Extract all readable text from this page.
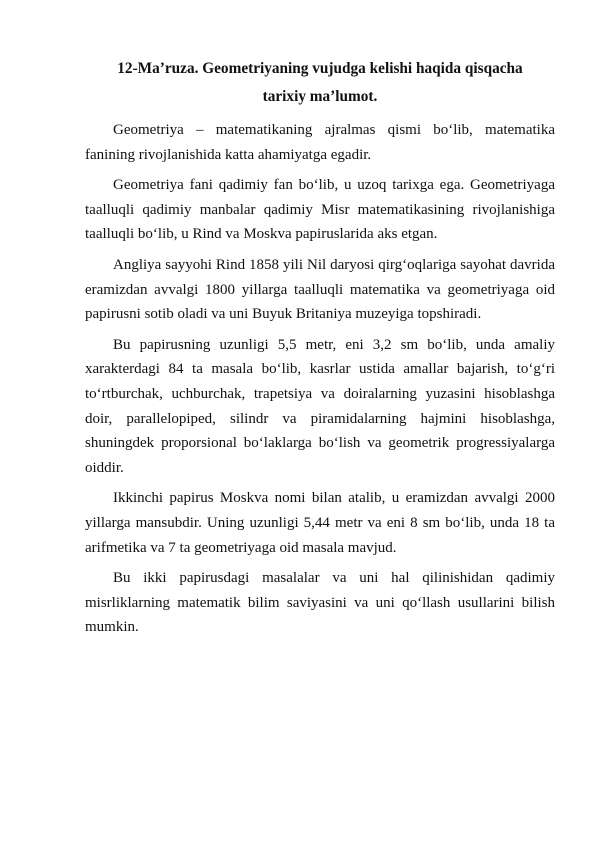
12-Ma’ruza. Geometriyaning vujudga kelishi haqida qisqacha
tarixiy ma’lumot.

Geometriya – matematikaning ajralmas qismi bo‘lib, matematika fanining rivojlanishida katta ahamiyatga egadir.

Geometriya fani qadimiy fan bo‘lib, u uzoq tarixga ega. Geometriyaga taalluqli qadimiy manbalar qadimiy Misr matematikasining rivojlanishiga taalluqli bo‘lib, u Rind va Moskva papiruslarida aks etgan.

Angliya sayyohi Rind 1858 yili Nil daryosi qirg‘oqlariga sayohat davrida eramizdan avvalgi 1800 yillarga taalluqli matematika va geometriyaga oid papirusni sotib oladi va uni Buyuk Britaniya muzeyiga topshiradi.

Bu papirusning uzunligi 5,5 metr, eni 3,2 sm bo‘lib, unda amaliy xarakterdagi 84 ta masala bo‘lib, kasrlar ustida amallar bajarish, to‘g‘ri to‘rtburchak, uchburchak, trapetsiya va doiralarning yuzasini hisoblashga doir, parallelopiped, silindr va piramidalarning hajmini hisoblashga, shuningdek proporsional bo‘laklarga bo‘lish va geometrik progressiyalarga oiddir.

Ikkinchi papirus Moskva nomi bilan atalib, u eramizdan avvalgi 2000 yillarga mansubdir. Uning uzunligi 5,44 metr va eni 8 sm bo‘lib, unda 18 ta arifmetika va 7 ta geometriyaga oid masala mavjud.

Bu ikki papirusdagi masalalar va uni hal qilinishidan qadimiy misrliklarning matematik bilim saviyasini va uni qo‘llash usullarini bilish mumkin.
